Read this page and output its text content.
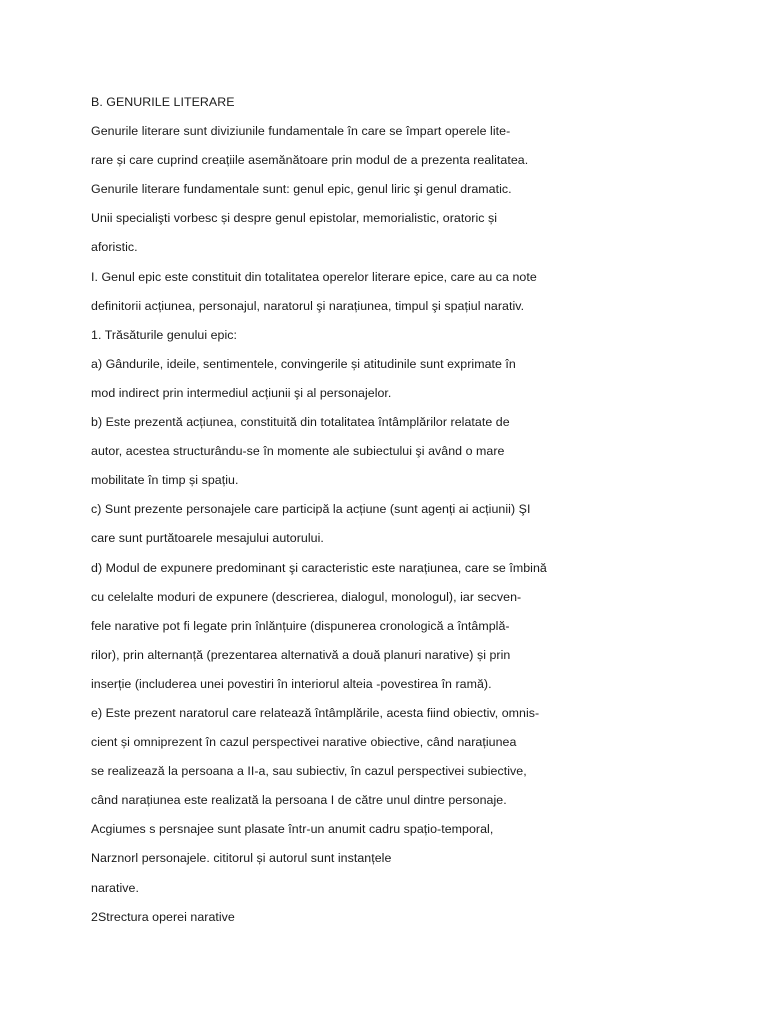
B. GENURILE LITERARE
Genurile literare sunt diviziunile fundamentale în care se împart operele lite-
rare și care cuprind creațiile asemănătoare prin modul de a prezenta realitatea.
Genurile literare fundamentale sunt: genul epic, genul liric şi genul dramatic.
Unii specialişti vorbesc și despre genul epistolar, memorialistic, oratoric și
aforistic.
I. Genul epic este constituit din totalitatea operelor literare epice, care au ca note
definitorii acțiunea, personajul, naratorul şi narațiunea, timpul şi spațiul narativ.
1. Trăsăturile genului epic:
a) Gândurile, ideile, sentimentele, convingerile și atitudinile sunt exprimate în
mod indirect prin intermediul acțiunii şi al personajelor.
b) Este prezentă acțiunea, constituită din totalitatea întâmplărilor relatate de
autor, acestea structurându-se în momente ale subiectului şi având o mare
mobilitate în timp și spațiu.
c) Sunt prezente personajele care participă la acțiune (sunt agenți ai acțiunii) ŞI
care sunt purtătoarele mesajului autorului.
d) Modul de expunere predominant şi caracteristic este narațiunea, care se îmbină
cu celelalte moduri de expunere (descrierea, dialogul, monologul), iar secven-
fele narative pot fi legate prin înlănțuire (dispunerea cronologică a întâmplă-
rilor), prin alternanță (prezentarea alternativă a două planuri narative) și prin
inserție (includerea unei povestiri în interiorul alteia -povestirea în ramă).
e) Este prezent naratorul care relatează întâmplările, acesta fiind obiectiv, omnis-
cient și omniprezent în cazul perspectivei narative obiective, când narațiunea
se realizează la persoana a II-a, sau subiectiv, în cazul perspectivei subiective,
când narațiunea este realizată la persoana I de către unul dintre personaje.
Acgiumes s persnajee sunt plasate într-un anumit cadru spațio-temporal,
Narznorl personajele. cititorul și autorul sunt instanțele
narative.
2Strectura operei narative
